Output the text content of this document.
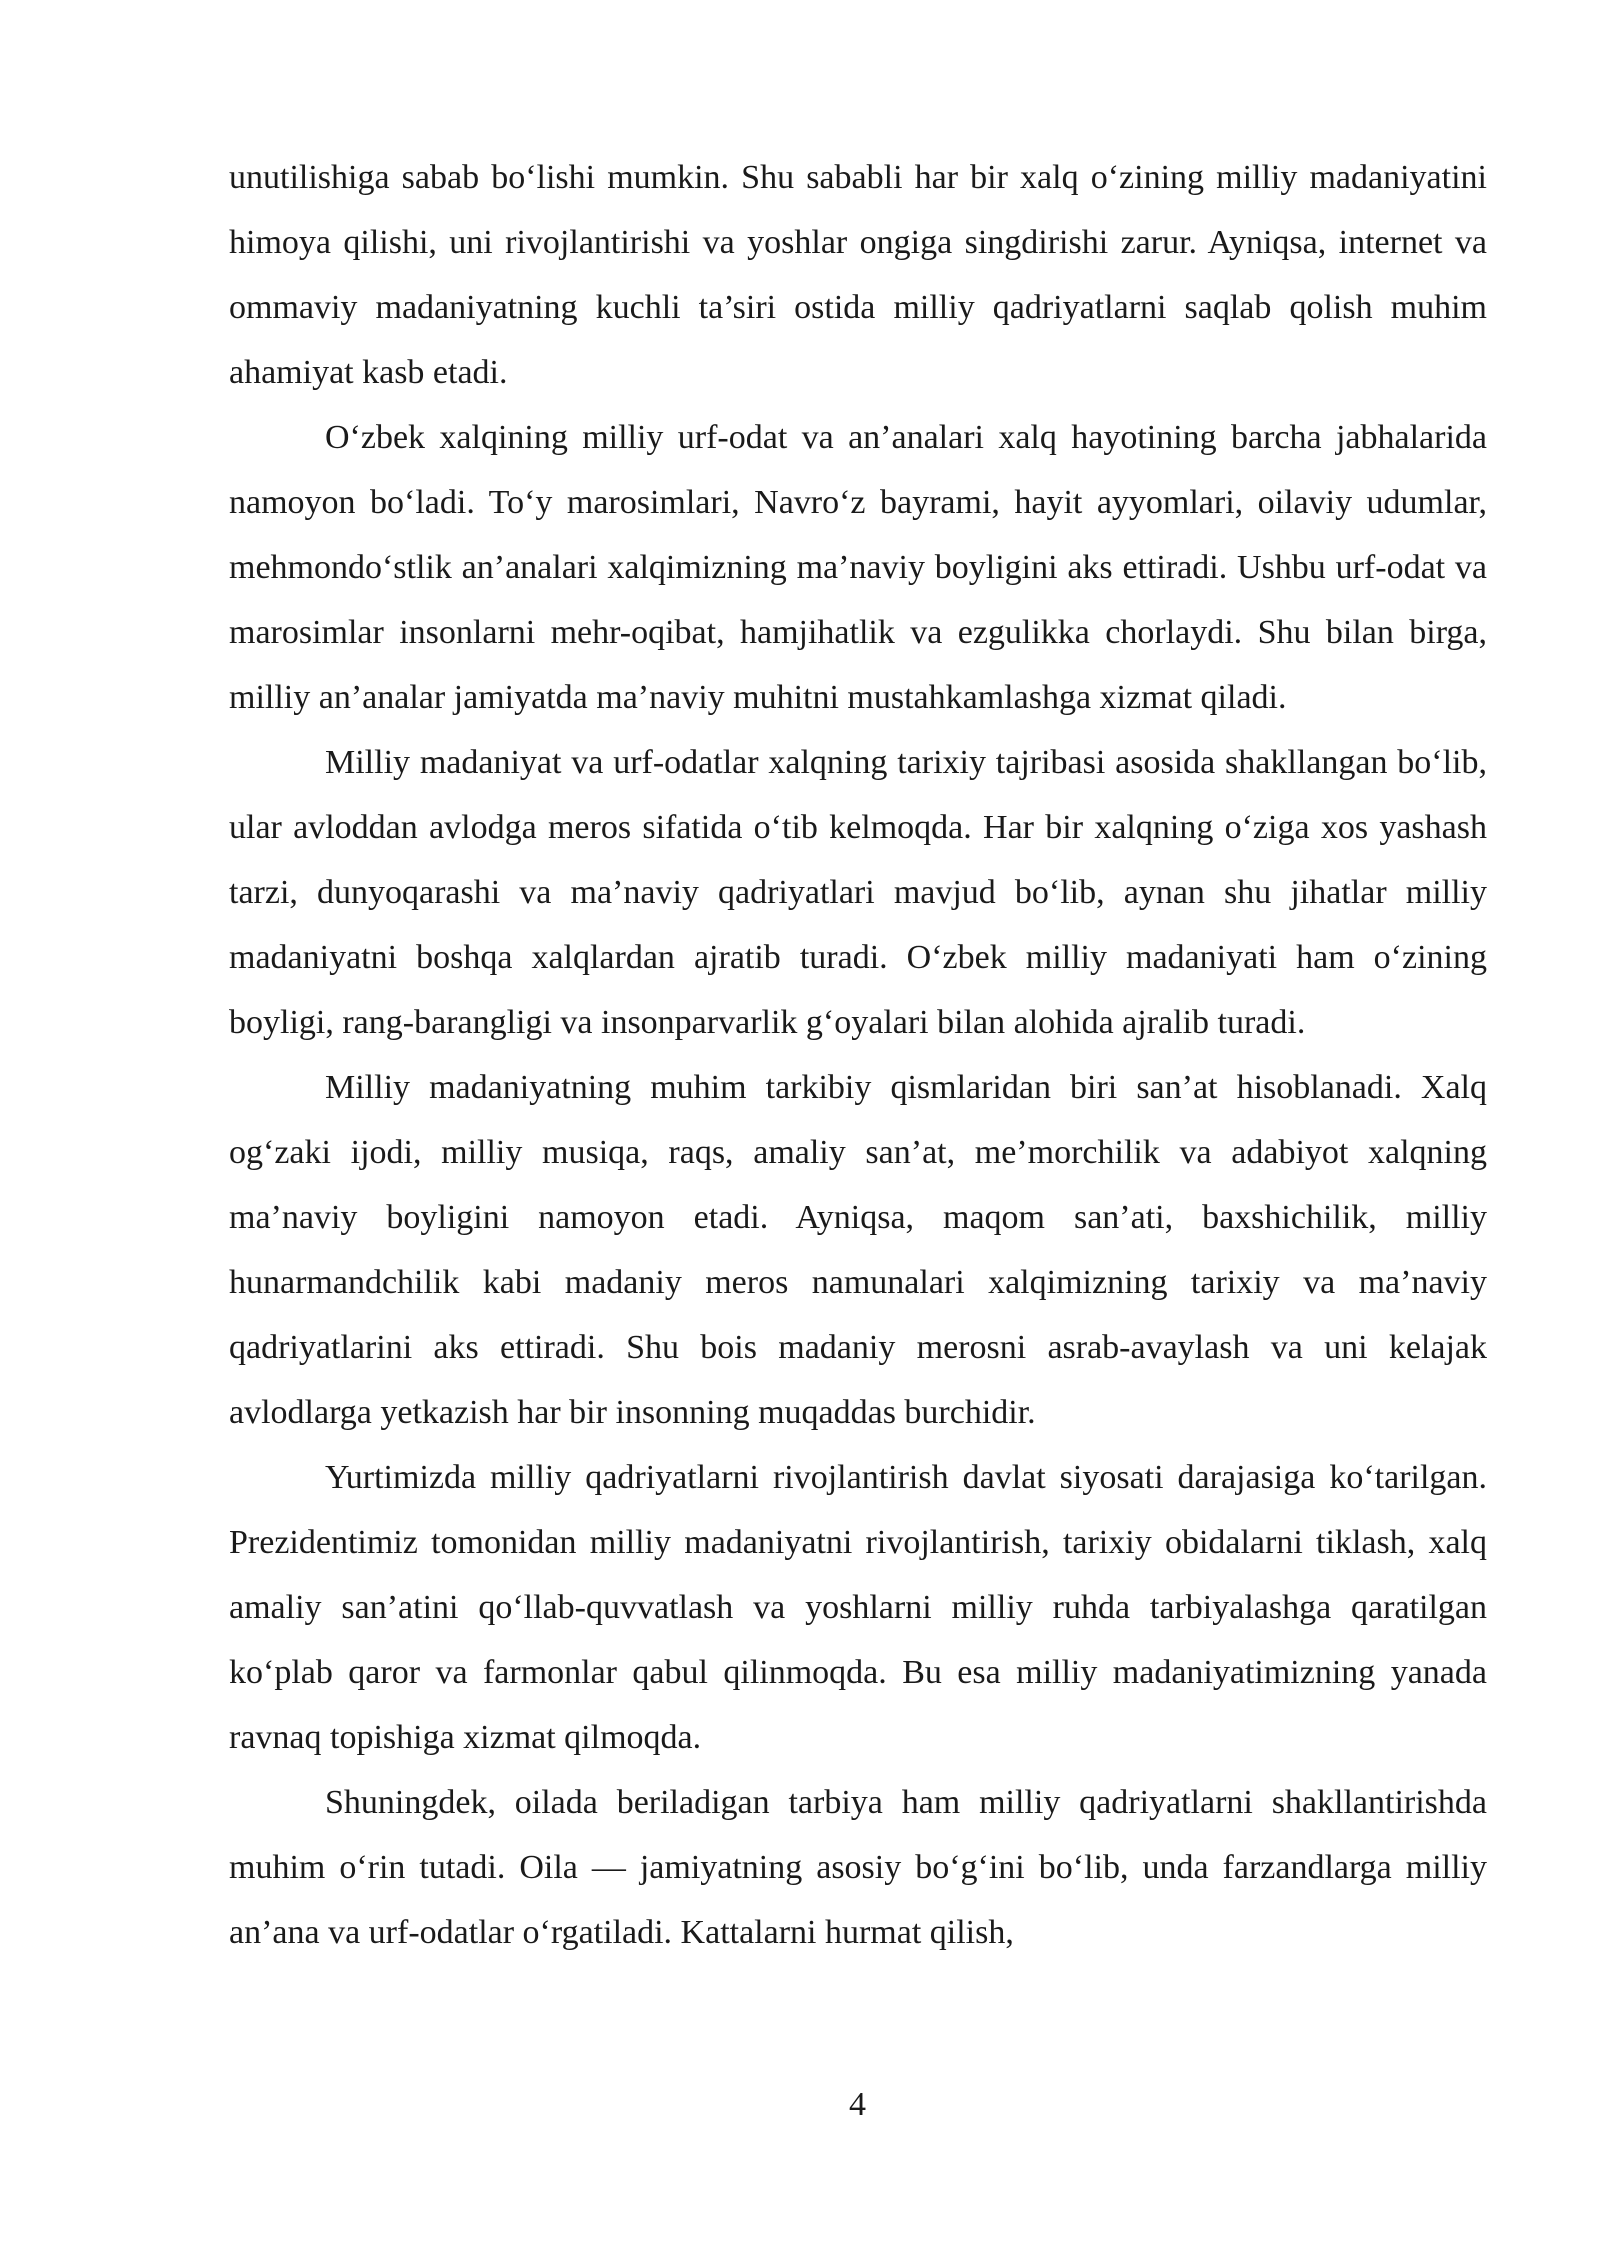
unutilishiga sabab bo‘lishi mumkin. Shu sababli har bir xalq o‘zining milliy madaniyatini himoya qilishi, uni rivojlantirishi va yoshlar ongiga singdirishi zarur. Ayniqsa, internet va ommaviy madaniyatning kuchli ta’siri ostida milliy qadriyatlarni saqlab qolish muhim ahamiyat kasb etadi.

O‘zbek xalqining milliy urf-odat va an’analari xalq hayotining barcha jabhalarida namoyon bo‘ladi. To‘y marosimlari, Navro‘z bayrami, hayit ayyomlari, oilaviy udumlar, mehmondo‘stlik an’analari xalqimizning ma’naviy boyligini aks ettiradi. Ushbu urf-odat va marosimlar insonlarni mehr-oqibat, hamjihatlik va ezgulikka chorlaydi. Shu bilan birga, milliy an’analar jamiyatda ma’naviy muhitni mustahkamlashga xizmat qiladi.

Milliy madaniyat va urf-odatlar xalqning tarixiy tajribasi asosida shakllangan bo‘lib, ular avloddan avlodga meros sifatida o‘tib kelmoqda. Har bir xalqning o‘ziga xos yashash tarzi, dunyoqarashi va ma’naviy qadriyatlari mavjud bo‘lib, aynan shu jihatlar milliy madaniyatni boshqa xalqlardan ajratib turadi. O‘zbek milliy madaniyati ham o‘zining boyligi, rang-barangligi va insonparvarlik g‘oyalari bilan alohida ajralib turadi.

Milliy madaniyatning muhim tarkibiy qismlaridan biri san’at hisoblanadi. Xalq og‘zaki ijodi, milliy musiqa, raqs, amaliy san’at, me’morchilik va adabiyot xalqning ma’naviy boyligini namoyon etadi. Ayniqsa, maqom san’ati, baxshichilik, milliy hunarmandchilik kabi madaniy meros namunalari xalqimizning tarixiy va ma’naviy qadriyatlarini aks ettiradi. Shu bois madaniy merosni asrab-avaylash va uni kelajak avlodlarga yetkazish har bir insonning muqaddas burchidir.

Yurtimizda milliy qadriyatlarni rivojlantirish davlat siyosati darajasiga ko‘tarilgan. Prezidentimiz tomonidan milliy madaniyatni rivojlantirish, tarixiy obidalarni tiklash, xalq amaliy san’atini qo‘llab-quvvatlash va yoshlarni milliy ruhda tarbiyalashga qaratilgan ko‘plab qaror va farmonlar qabul qilinmoqda. Bu esa milliy madaniyatimizning yanada ravnaq topishiga xizmat qilmoqda.

Shuningdek, oilada beriladigan tarbiya ham milliy qadriyatlarni shakllantirishda muhim o‘rin tutadi. Oila — jamiyatning asosiy bo‘g‘ini bo‘lib, unda farzandlarga milliy an’ana va urf-odatlar o‘rgatiladi. Kattalarni hurmat qilish,

4
